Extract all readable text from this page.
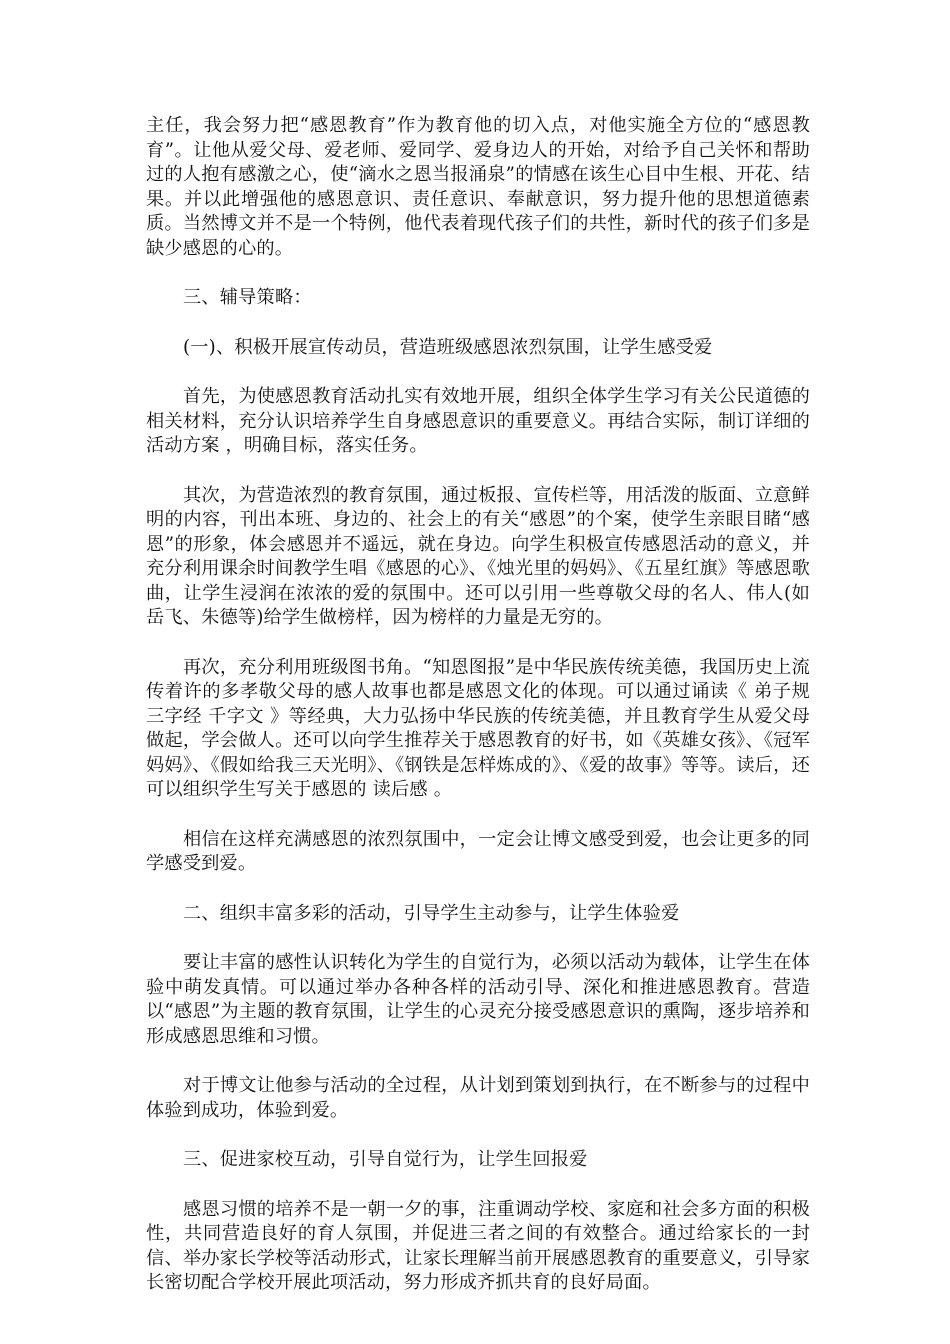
主任，我会努力把“感恩教育”作为教育他的切入点，对他实施全方位的“感恩教育”。让他从爱父母、爱老师、爱同学、爱身边人的开始，对给予自己关怀和帮助过的人抱有感激之心，使“滴水之恩当报涌泉”的情感在该生心目中生根、开花、结果。并以此增强他的感恩意识、责任意识、奉献意识，努力提升他的思想道德素质。当然博文并不是一个特例，他代表着现代孩子们的共性，新时代的孩子们多是缺少感恩的心的。

三、辅导策略：

(一)、积极开展宣传动员，营造班级感恩浓烈氛围，让学生感受爱

首先，为使感恩教育活动扎实有效地开展，组织全体学生学习有关公民道德的相关材料，充分认识培养学生自身感恩意识的重要意义。再结合实际，制订详细的 活动方案 ，明确目标，落实任务。

其次，为营造浓烈的教育氛围，通过板报、宣传栏等，用活泼的版面、立意鲜明的内容，刊出本班、身边的、社会上的有关“感恩”的个案，使学生亲眼目睹“感恩”的形象，体会感恩并不遥远，就在身边。向学生积极宣传感恩活动的意义，并充分利用课余时间教学生唱《感恩的心》、《烛光里的妈妈》、《五星红旗》等感恩歌曲，让学生浸润在浓浓的爱的氛围中。还可以引用一些尊敬父母的名人、伟人(如岳飞、朱德等)给学生做榜样，因为榜样的力量是无穷的。

再次，充分利用班级图书角。“知恩图报”是中华民族传统美德，我国历史上流传着许的多孝敬父母的感人故事也都是感恩文化的体现。可以通过诵读《 弟子规 三字经 千字文 》等经典，大力弘扬中华民族的传统美德，并且教育学生从爱父母做起，学会做人。还可以向学生推荐关于感恩教育的好书，如《英雄女孩》、《冠军妈妈》、《假如给我三天光明》、《钢铁是怎样炼成的》、《爱的故事》等等。读后，还可以组织学生写关于感恩的 读后感 。

相信在这样充满感恩的浓烈氛围中，一定会让博文感受到爱，也会让更多的同学感受到爱。

二、组织丰富多彩的活动，引导学生主动参与，让学生体验爱

要让丰富的感性认识转化为学生的自觉行为，必须以活动为载体，让学生在体验中萌发真情。可以通过举办各种各样的活动引导、深化和推进感恩教育。营造以“感恩”为主题的教育氛围，让学生的心灵充分接受感恩意识的熏陶，逐步培养和形成感恩思维和习惯。

对于博文让他参与活动的全过程，从计划到策划到执行，在不断参与的过程中体验到成功，体验到爱。

三、促进家校互动，引导自觉行为，让学生回报爱

感恩习惯的培养不是一朝一夕的事，注重调动学校、家庭和社会多方面的积极性，共同营造良好的育人氛围，并促进三者之间的有效整合。通过给家长的一封信、举办家长学校等活动形式，让家长理解当前开展感恩教育的重要意义，引导家长密切配合学校开展此项活动，努力形成齐抓共育的良好局面。
